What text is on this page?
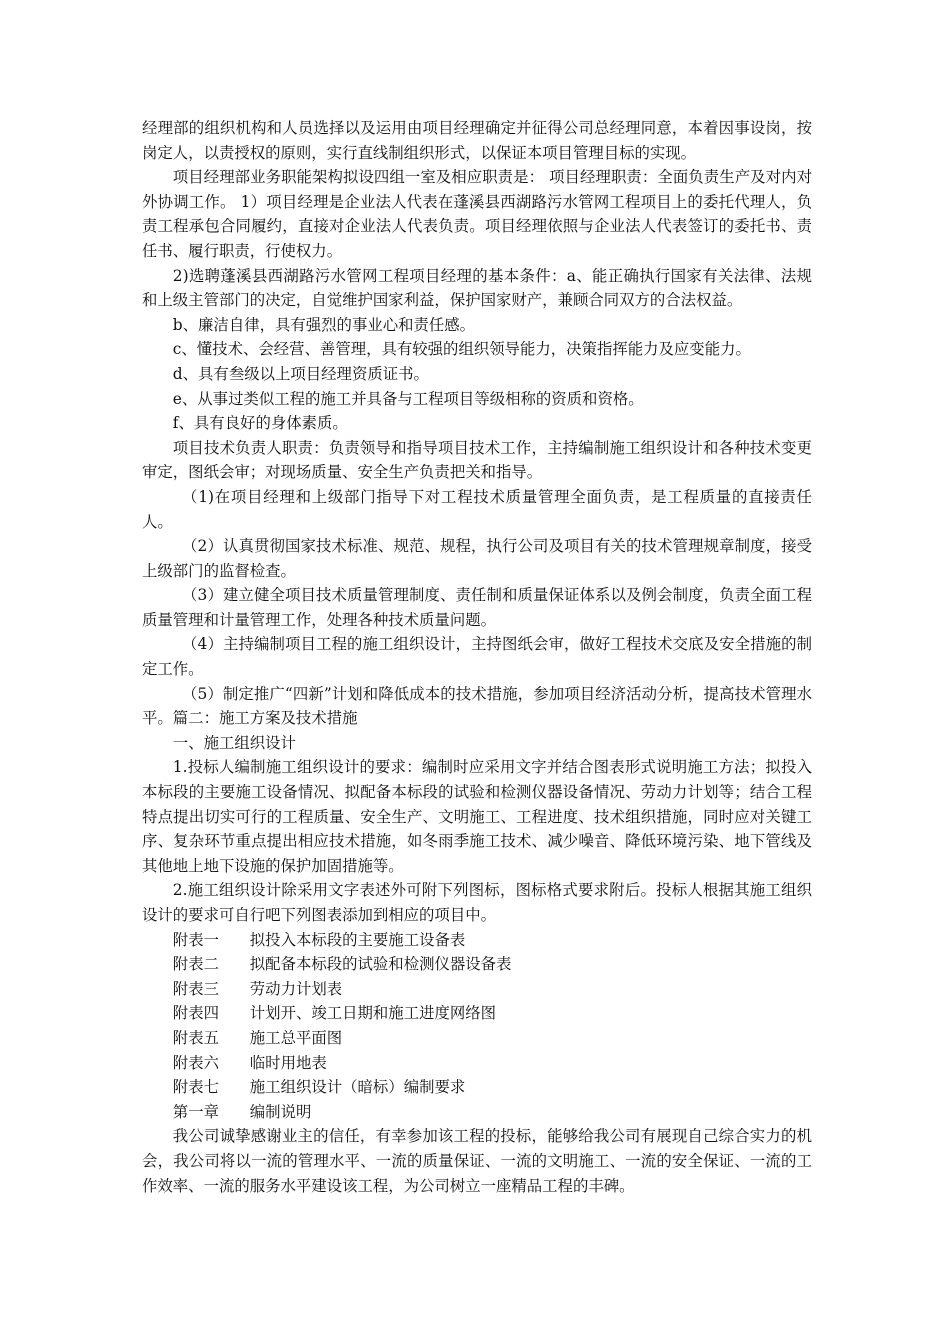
经理部的组织机构和人员选择以及运用由项目经理确定并征得公司总经理同意，本着因事设岗，按岗定人，以责授权的原则，实行直线制组织形式，以保证本项目管理目标的实现。

项目经理部业务职能架构拟设四组一室及相应职责是： 项目经理职责：全面负责生产及对内对外协调工作。 1）项目经理是企业法人代表在蓬溪县西湖路污水管网工程项目上的委托代理人，负责工程承包合同履约，直接对企业法人代表负责。项目经理依照与企业法人代表签订的委托书、责任书、履行职责，行使权力。

2)选聘蓬溪县西湖路污水管网工程项目经理的基本条件：a、能正确执行国家有关法律、法规和上级主管部门的决定，自觉维护国家利益，保护国家财产，兼顾合同双方的合法权益。

b、廉洁自律，具有强烈的事业心和责任感。

c、懂技术、会经营、善管理，具有较强的组织领导能力，决策指挥能力及应变能力。

d、具有叁级以上项目经理资质证书。

e、从事过类似工程的施工并具备与工程项目等级相称的资质和资格。

f、具有良好的身体素质。

项目技术负责人职责：负责领导和指导项目技术工作，主持编制施工组织设计和各种技术变更审定，图纸会审；对现场质量、安全生产负责把关和指导。

（1)在项目经理和上级部门指导下对工程技术质量管理全面负责，是工程质量的直接责任人。

（2）认真贯彻国家技术标准、规范、规程，执行公司及项目有关的技术管理规章制度，接受上级部门的监督检查。

（3）建立健全项目技术质量管理制度、责任制和质量保证体系以及例会制度，负责全面工程质量管理和计量管理工作，处理各种技术质量问题。

（4）主持编制项目工程的施工组织设计，主持图纸会审，做好工程技术交底及安全措施的制定工作。

（5）制定推广“四新”计划和降低成本的技术措施，参加项目经济活动分析，提高技术管理水平。篇二：施工方案及技术措施

一、施工组织设计

1.投标人编制施工组织设计的要求：编制时应采用文字并结合图表形式说明施工方法；拟投入本标段的主要施工设备情况、拟配备本标段的试验和检测仪器设备情况、劳动力计划等；结合工程特点提出切实可行的工程质量、安全生产、文明施工、工程进度、技术组织措施，同时应对关键工序、复杂环节重点提出相应技术措施，如冬雨季施工技术、减少噪音、降低环境污染、地下管线及其他地上地下设施的保护加固措施等。

2.施工组织设计除采用文字表述外可附下列图标，图标格式要求附后。投标人根据其施工组织设计的要求可自行吧下列图表添加到相应的项目中。

附表一 拟投入本标段的主要施工设备表

附表二 拟配备本标段的试验和检测仪器设备表

附表三 劳动力计划表

附表四 计划开、竣工日期和施工进度网络图

附表五 施工总平面图

附表六 临时用地表

附表七 施工组织设计（暗标）编制要求

第一章 编制说明

我公司诚挚感谢业主的信任，有幸参加该工程的投标，能够给我公司有展现自己综合实力的机会，我公司将以一流的管理水平、一流的质量保证、一流的文明施工、一流的安全保证、一流的工作效率、一流的服务水平建设该工程，为公司树立一座精品工程的丰碑。
